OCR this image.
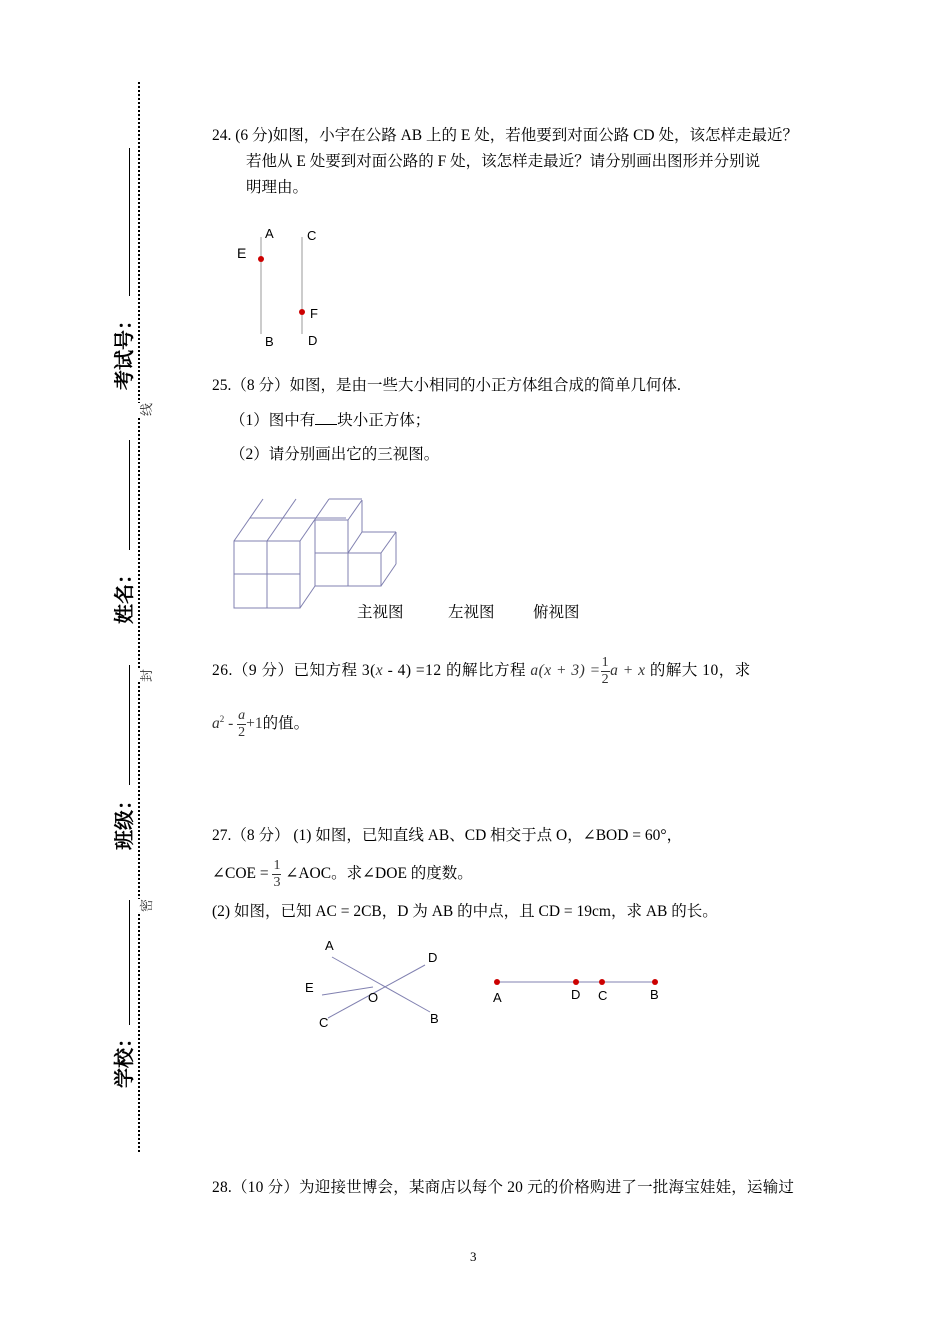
考试号：
姓名：
班级：
学校：
线
封
密
24. (6 分)如图，小宇在公路 AB 上的 E 处，若他要到对面公路 CD 处，该怎样走最近？
若他从 E 处要到对面公路的 F 处，该怎样走最近？请分别画出图形并分别说
明理由。
A
E
B
C
F
D
25.（8 分）如图，是由一些大小相同的小正方体组合成的简单几何体.
（1）图中有 块小正方体；
（2）请分别画出它的三视图。
主视图	左视图 俯视图
26.（9 分）已知方程 3(x - 4) =12 的解比方程 $a(x + 3) = \frac{1}{2}$ a + x 的解大 10，求
$a^2 - \frac{a}{2} +1$的值。
27.（8 分） (1) 如图，已知直线 AB、CD 相交于点 O，∠BOD = 60°，
∠COE = $\frac{1}{3}$ ∠AOC。求∠DOE 的度数。
(2) 如图，已知 AC = 2CB，D 为 AB 的中点，且 CD = 19cm，求 AB 的长。
A
D
E
O
C	B
A	D C	B
28.（10 分）为迎接世博会，某商店以每个 20 元的价格购进了一批海宝娃娃，运输过
3
